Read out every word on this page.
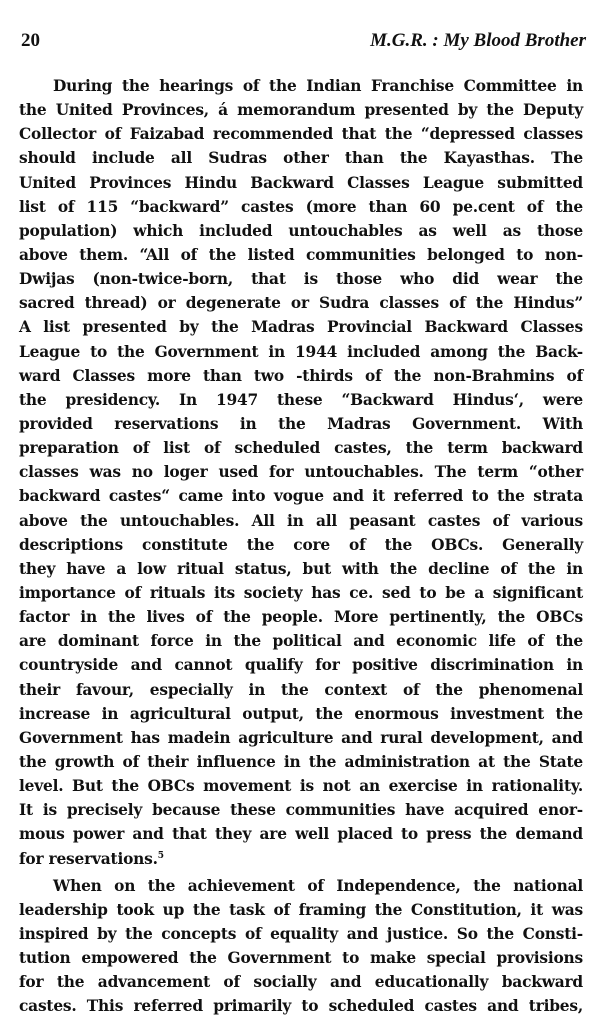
20	M.G.R. : My Blood Brother
During the hearings of the Indian Franchise Committee in
the United Provinces, á memorandum presented by the Deputy
Collector of Faizabad recommended that the “depressed classes
should include all Sudras other than the Kayasthas. The
United Provinces Hindu Backward Classes League submitted
list of 115 “backward” castes (more than 60 pe.cent of the
population) which included untouchables as well as those
above them. “All of the listed communities belonged to non-
Dwijas (non-twice-born, that is those who did wear the
sacred thread) or degenerate or Sudra classes of the Hindus”
A list presented by the Madras Provincial Backward Classes
League to the Government in 1944 included among the Back-
ward Classes more than two -thirds of the non-Brahmins of
the presidency. In 1947 these “Backward Hindus‘, were
provided reservations in the Madras Government. With
preparation of list of scheduled castes, the term backward
classes was no loger used for untouchables. The term “other
backward castes“ came into vogue and it referred to the strata
above the untouchables. All in all peasant castes of various
descriptions constitute the core of the OBCs. Generally
they have a low ritual status, but with the decline of the in
importance of rituals its society has ce. sed to be a significant
factor in the lives of the people. More pertinently, the OBCs
are dominant force in the political and economic life of the
countryside and cannot qualify for positive discrimination in
their favour, especially in the context of the phenomenal
increase in agricultural output, the enormous investment the
Government has madein agriculture and rural development, and
the growth of their influence in the administration at the State
level. But the OBCs movement is not an exercise in rationality.
It is precisely because these communities have acquired enor-
mous power and that they are well placed to press the demand
for reservations.$^5$
When on the achievement of Independence, the national
leadership took up the task of framing the Constitution, it was
inspired by the concepts of equality and justice. So the Consti-
tution empowered the Government to make special provisions
for the advancement of socially and educationally backward
castes. This referred primarily to scheduled castes and tribes,
